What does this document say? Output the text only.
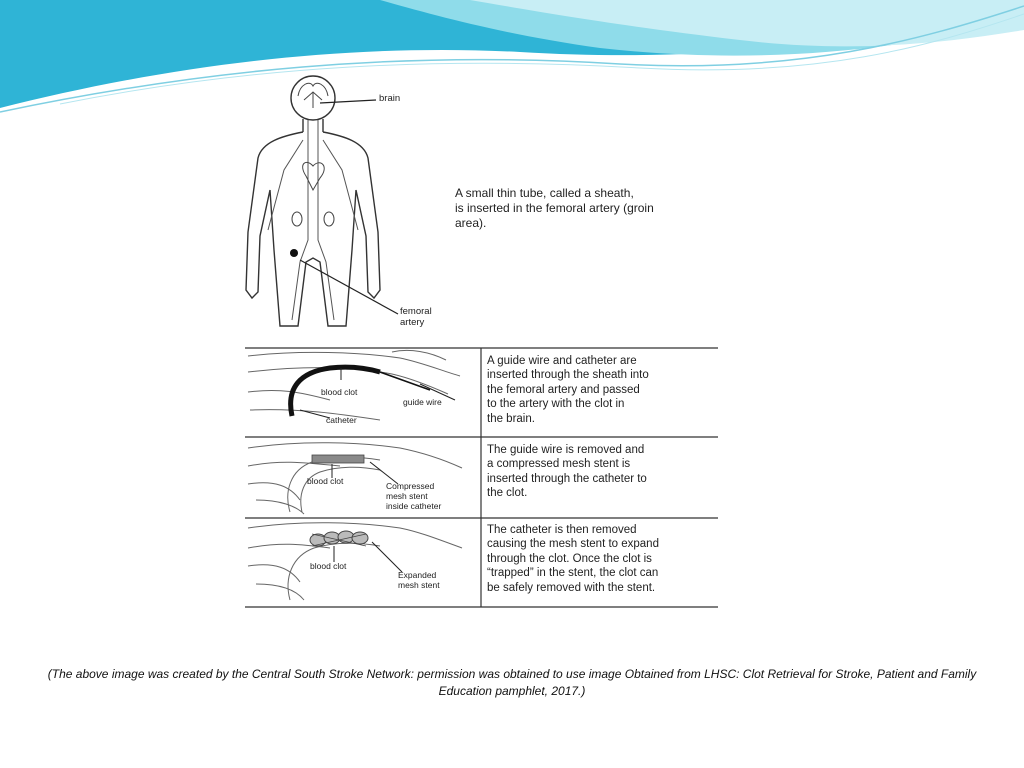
brain
femoral
artery
A small thin tube, called a sheath,
is inserted in the femoral artery (groin
area).
blood clot
guide wire
catheter
A guide wire and catheter are
inserted through the sheath into
the femoral artery and passed
to the artery with the clot in
the brain.
blood clot	Compressed
mesh stent
inside catheter
The guide wire is removed and
a compressed mesh stent is
inserted through the catheter to
the clot.
blood clot
Expanded
mesh stent
The catheter is then removed
causing the mesh stent to expand
through the clot. Once the clot is
“trapped” in the stent, the clot can
be safely removed with the stent.
(The above image was created by the Central South Stroke Network: permission was obtained to use image Obtained from LHSC: Clot Retrieval for Stroke, Patient and Family Education pamphlet, 2017.)
